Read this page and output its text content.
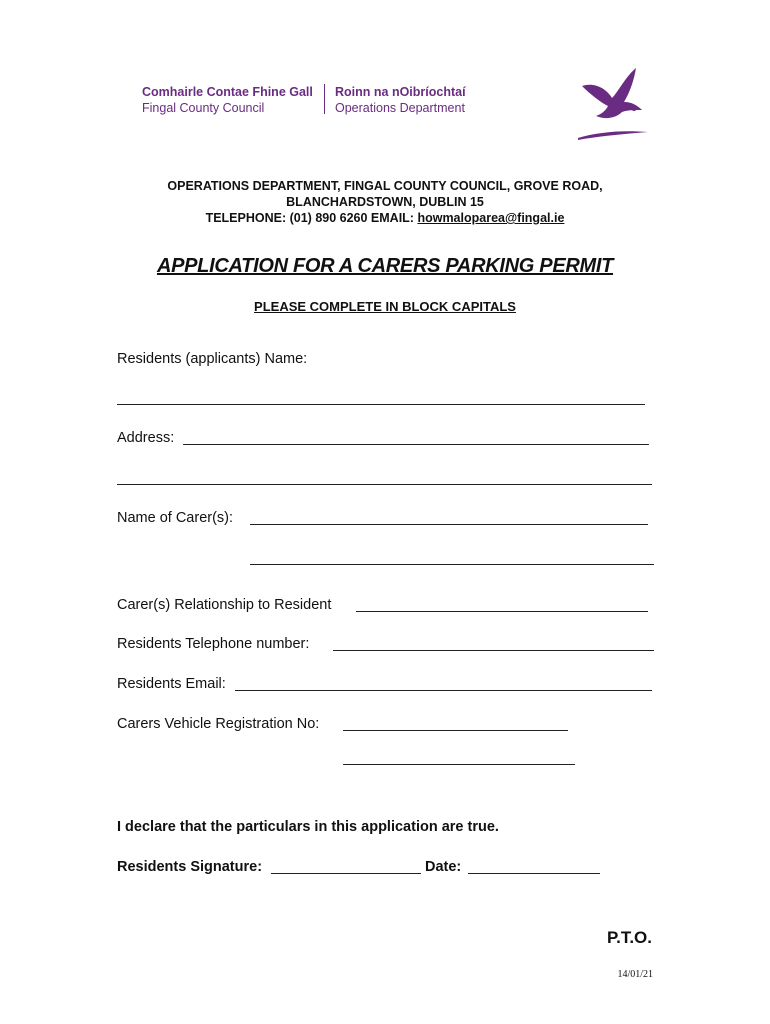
Comhairle Contae Fhine Gall
Fingal County Council
Roinn na nOibríochtaí
Operations Department
OPERATIONS DEPARTMENT, FINGAL COUNTY COUNCIL, GROVE ROAD,
BLANCHARDSTOWN, DUBLIN 15
TELEPHONE: (01) 890 6260 EMAIL: howmaloparea@fingal.ie
APPLICATION FOR A CARERS PARKING PERMIT
PLEASE COMPLETE IN BLOCK CAPITALS
Residents (applicants) Name:
Address:
Name of Carer(s):
Carer(s) Relationship to Resident
Residents Telephone number:
Residents Email:
Carers Vehicle Registration No:
I declare that the particulars in this application are true.
Residents Signature:	Date:
P.T.O.
14/01/21
